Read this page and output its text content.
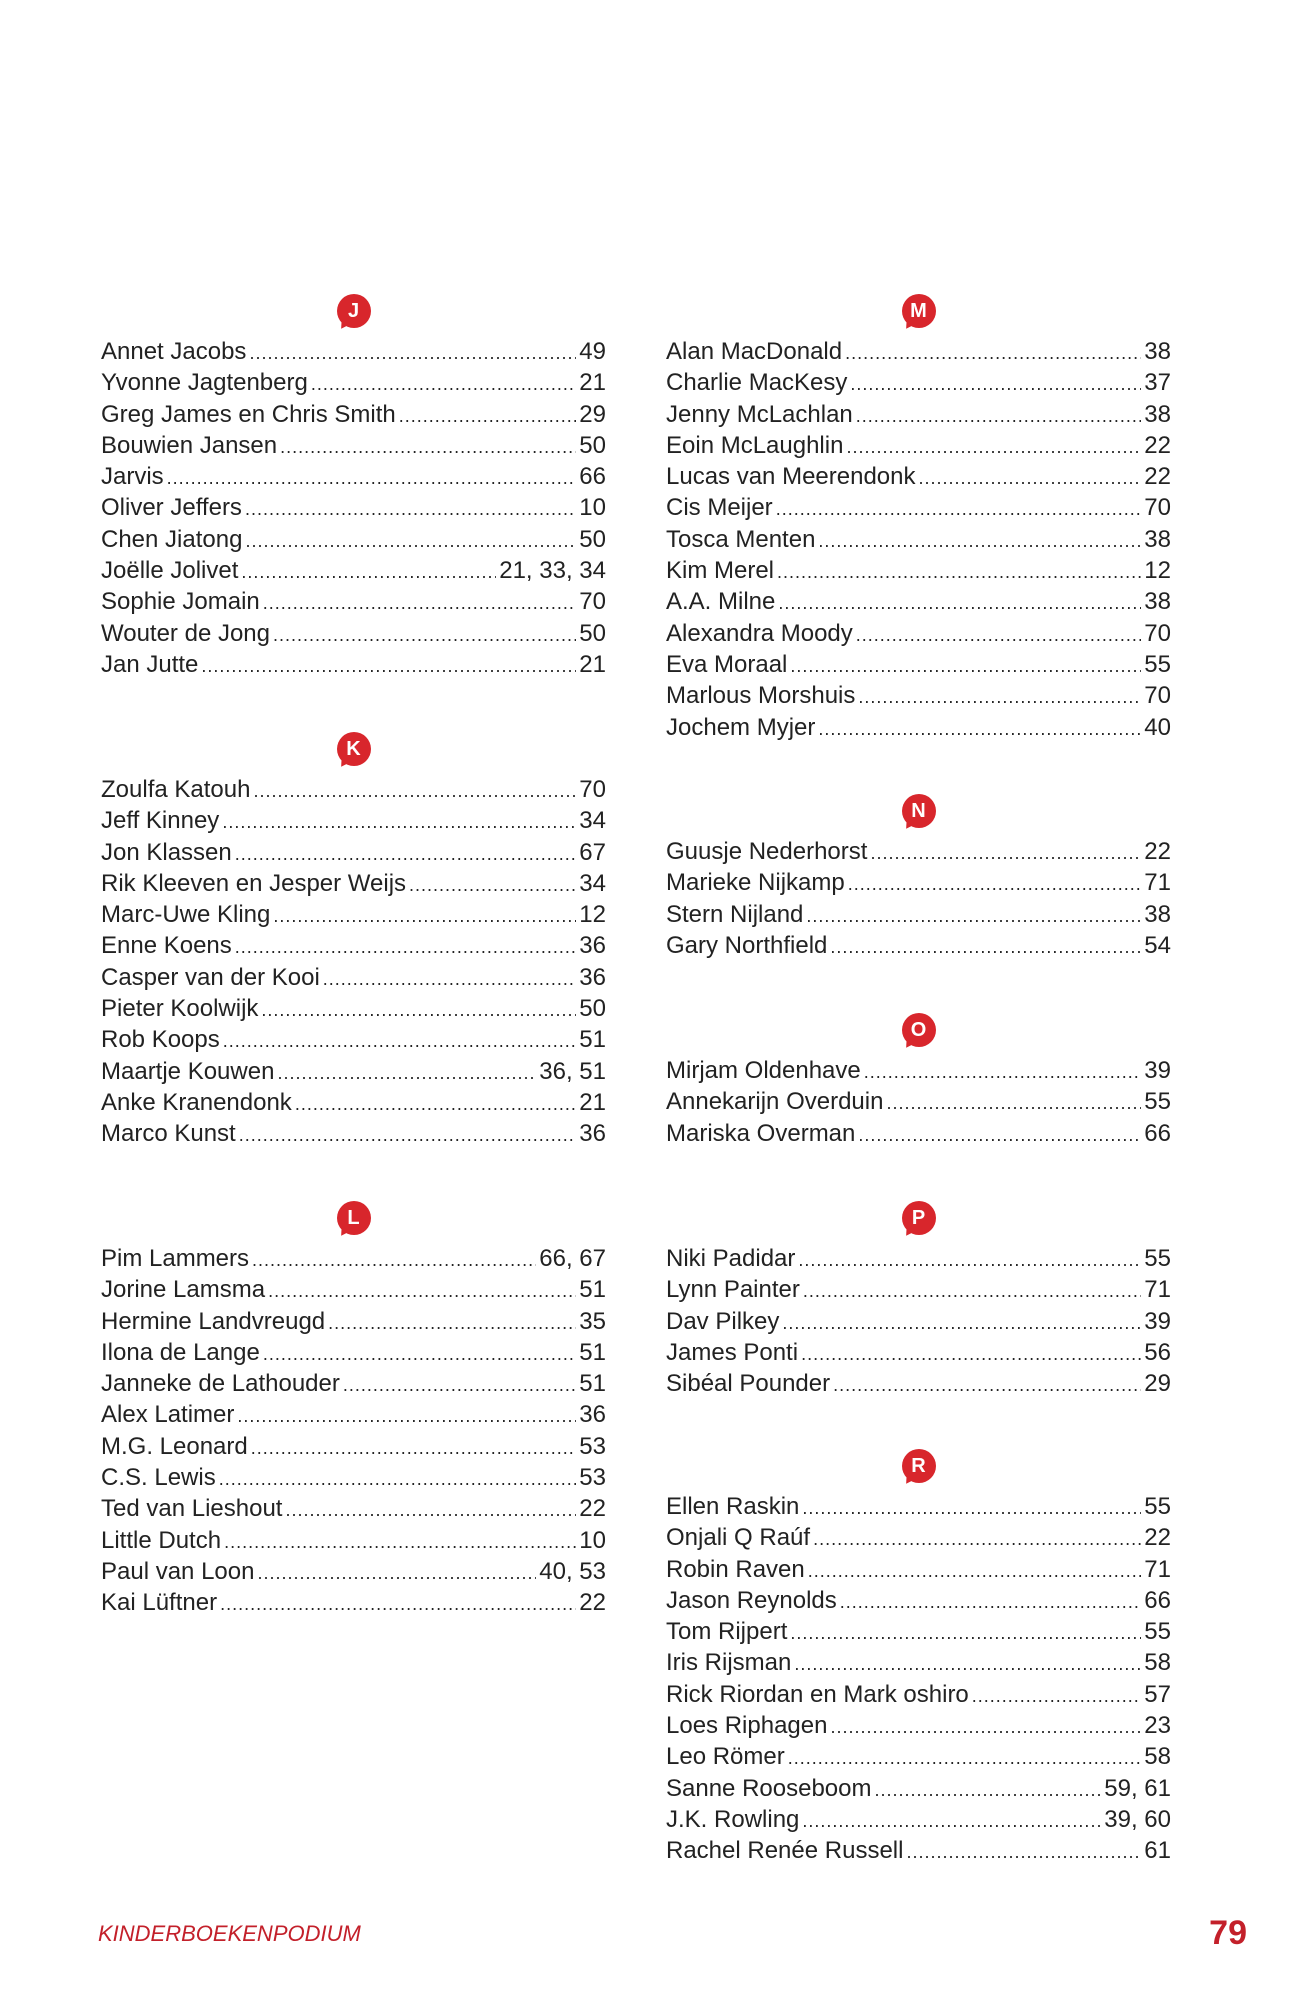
J
Annet Jacobs .....	49
Yvonne Jagtenberg .....	21
Greg James en Chris Smith .....	29
Bouwien Jansen .....	50
Jarvis .....	66
Oliver Jeffers .....	10
Chen Jiatong .....	50
Joëlle Jolivet .....	21, 33, 34
Sophie Jomain .....	70
Wouter de Jong .....	50
Jan Jutte .....	21
K
Zoulfa Katouh .....	70
Jeff Kinney .....	34
Jon Klassen .....	67
Rik Kleeven en Jesper Weijs .....	34
Marc-Uwe Kling .....	12
Enne Koens .....	36
Casper van der Kooi .....	36
Pieter Koolwijk .....	50
Rob Koops .....	51
Maartje Kouwen .....	36, 51
Anke Kranendonk .....	21
Marco Kunst .....	36
L
Pim Lammers .....	66, 67
Jorine Lamsma .....	51
Hermine Landvreugd .....	35
Ilona de Lange .....	51
Janneke de Lathouder .....	51
Alex Latimer .....	36
M.G. Leonard .....	53
C.S. Lewis .....	53
Ted van Lieshout .....	22
Little Dutch .....	10
Paul van Loon .....	40, 53
Kai Lüftner .....	22
M
Alan MacDonald .....	38
Charlie MacKesy .....	37
Jenny McLachlan .....	38
Eoin McLaughlin .....	22
Lucas van Meerendonk .....	22
Cis Meijer .....	70
Tosca Menten .....	38
Kim Merel .....	12
A.A. Milne .....	38
Alexandra Moody .....	70
Eva Moraal .....	55
Marlous Morshuis .....	70
Jochem Myjer .....	40
N
Guusje Nederhorst .....	22
Marieke Nijkamp .....	71
Stern Nijland .....	38
Gary Northfield .....	54
O
Mirjam Oldenhave .....	39
Annekarijn Overduin .....	55
Mariska Overman .....	66
P
Niki Padidar .....	55
Lynn Painter .....	71
Dav Pilkey .....	39
James Ponti .....	56
Sibéal Pounder .....	29
R
Ellen Raskin .....	55
Onjali Q Raúf .....	22
Robin Raven .....	71
Jason Reynolds .....	66
Tom Rijpert .....	55
Iris Rijsman .....	58
Rick Riordan en Mark oshiro .....	57
Loes Riphagen .....	23
Leo Römer .....	58
Sanne Rooseboom .....	59, 61
J.K. Rowling .....	39, 60
Rachel Renée Russell .....	61
KINDERBOEKENPODIUM	79
